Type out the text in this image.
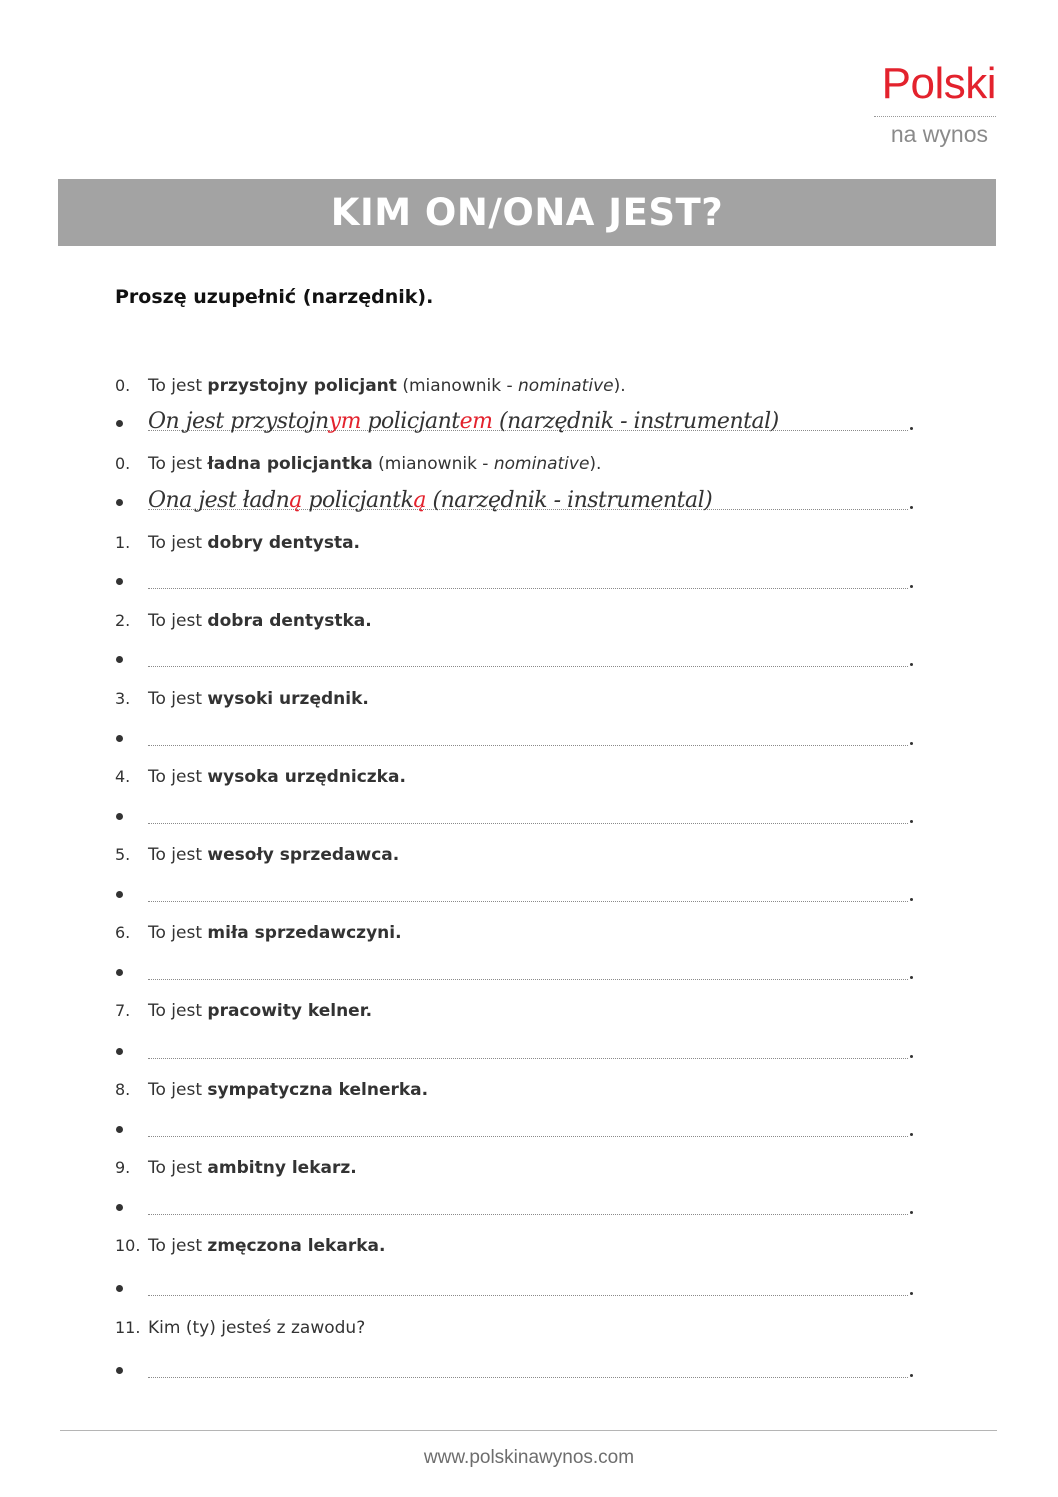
Polski
na wynos
KIM ON/ONA JEST?
Proszę uzupełnić (narzędnik).
0. To jest przystojny policjant (mianownik - nominative).
On jest przystojnym policjantem (narzędnik - instrumental)
0. To jest ładna policjantka (mianownik - nominative).
Ona jest ładną policjantką (narzędnik - instrumental)
1. To jest dobry dentysta.
2. To jest dobra dentystka.
3. To jest wysoki urzędnik.
4. To jest wysoka urzędniczka.
5. To jest wesoły sprzedawca.
6. To jest miła sprzedawczyni.
7. To jest pracowity kelner.
8. To jest sympatyczna kelnerka.
9. To jest ambitny lekarz.
10. To jest zmęczona lekarka.
11. Kim (ty) jesteś z zawodu?
www.polskinawynos.com
